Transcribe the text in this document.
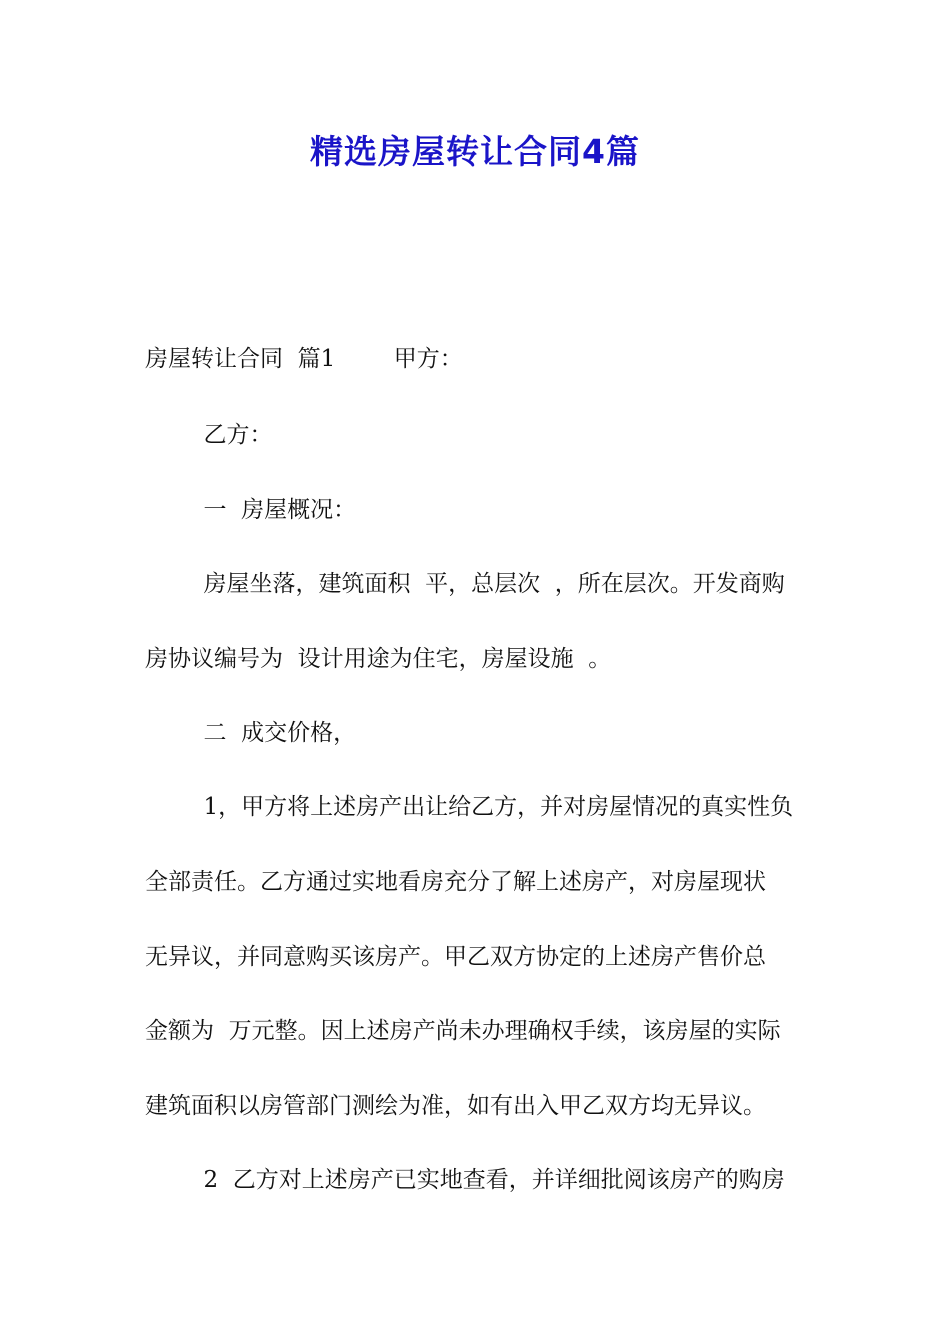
精选房屋转让合同4篇

房屋转让合同  篇1        甲方：

乙方：

一  房屋概况：

房屋坐落，建筑面积  平，总层次  ，所在层次。开发商购

房协议编号为  设计用途为住宅，房屋设施  。

二  成交价格，

1，甲方将上述房产出让给乙方，并对房屋情况的真实性负

全部责任。乙方通过实地看房充分了解上述房产，对房屋现状

无异议，并同意购买该房产。甲乙双方协定的上述房产售价总

金额为  万元整。因上述房产尚未办理确权手续，该房屋的实际

建筑面积以房管部门测绘为准，如有出入甲乙双方均无异议。

2  乙方对上述房产已实地查看，并详细批阅该房产的购房
